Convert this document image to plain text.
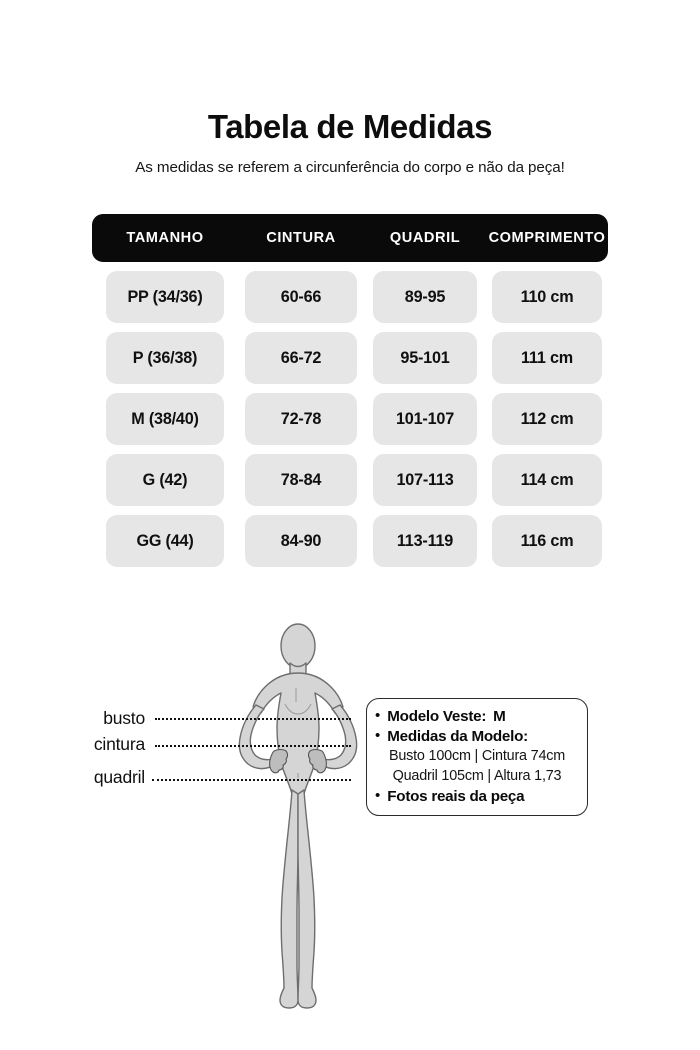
Tabela de Medidas
As medidas se referem a circunferência do corpo e não da peça!
TAMANHO	CINTURA	QUADRIL	COMPRIMENTO
PP (34/36)	60-66	89-95	110 cm
P (36/38)	66-72	95-101	111 cm
M (38/40)	72-78	101-107	112 cm
G (42)	78-84	107-113	114 cm
GG (44)	84-90	113-119	116 cm
busto
cintura
quadril
• Modelo Veste: M
• Medidas da Modelo:
Busto 100cm | Cintura 74cm
Quadril 105cm | Altura 1,73
• Fotos reais da peça
